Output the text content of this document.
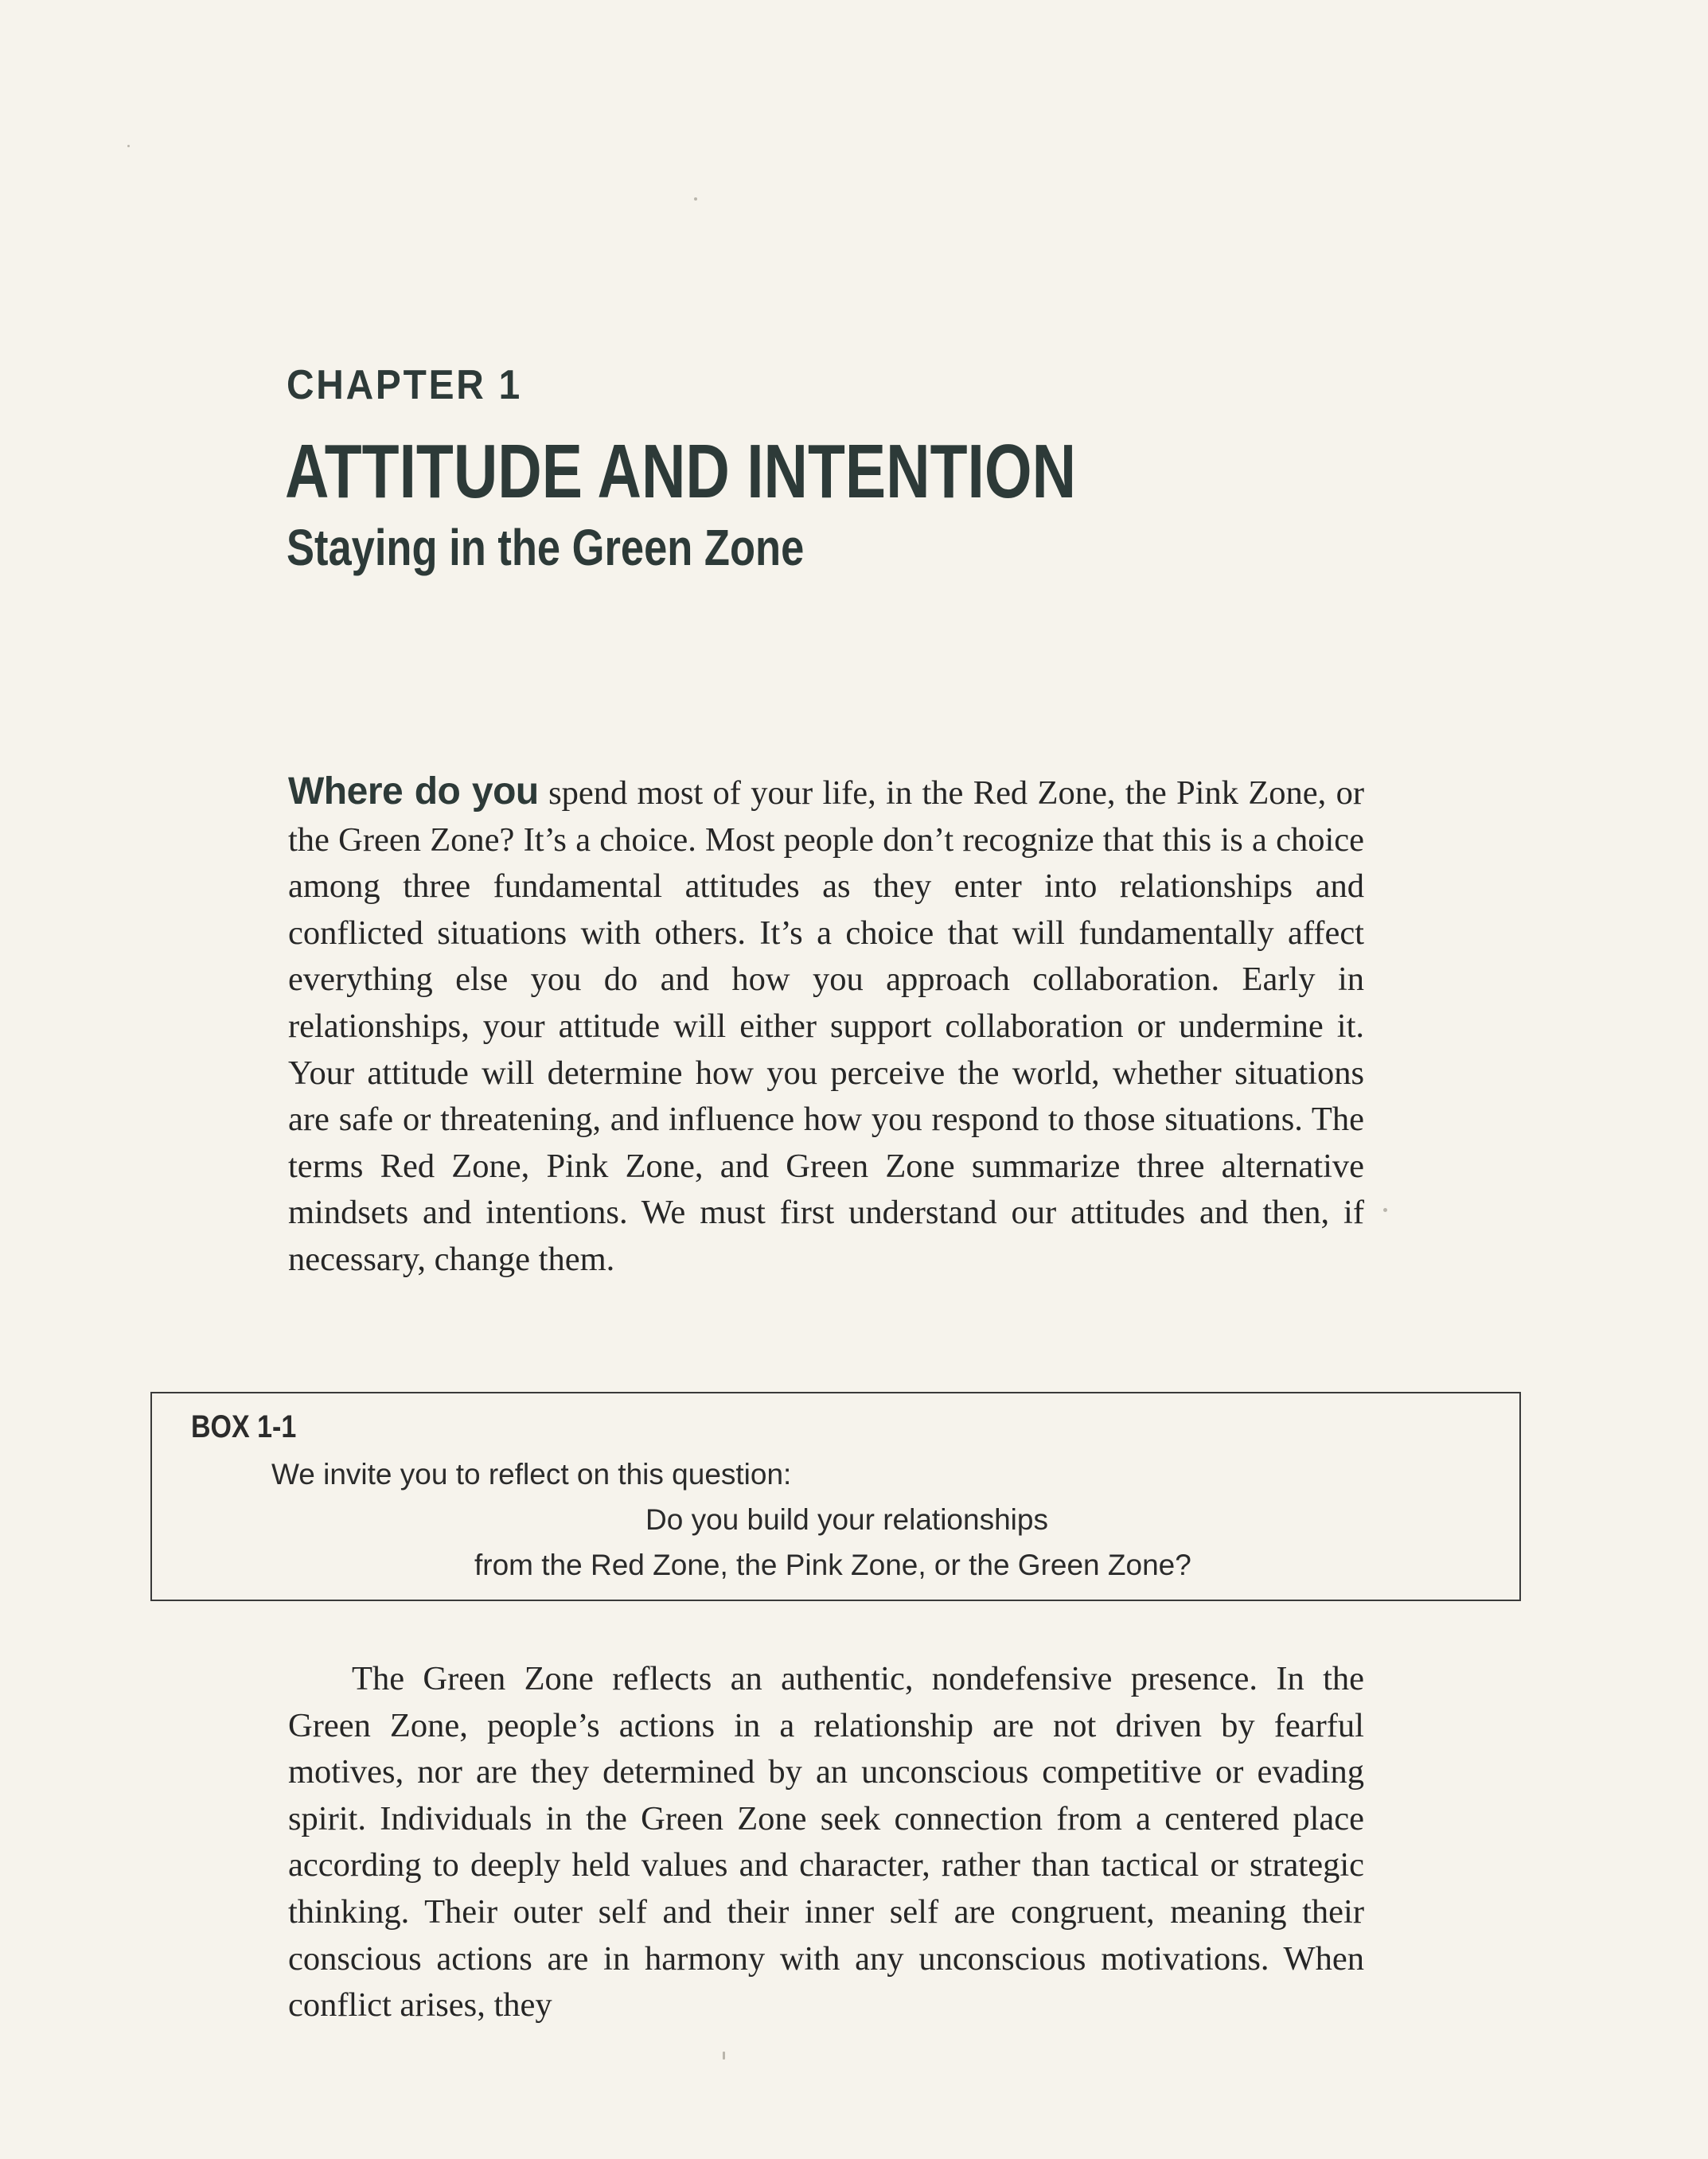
CHAPTER 1
ATTITUDE AND INTENTION
Staying in the Green Zone

Where do you spend most of your life, in the Red Zone, the Pink Zone, or the Green Zone? It’s a choice. Most people don’t recognize that this is a choice among three fundamental attitudes as they enter into relationships and conflicted situations with others. It’s a choice that will fundamentally affect everything else you do and how you approach collaboration. Early in relationships, your attitude will either support collaboration or undermine it. Your attitude will determine how you perceive the world, whether situations are safe or threatening, and influence how you respond to those situations. The terms Red Zone, Pink Zone, and Green Zone summarize three alternative mindsets and intentions. We must first understand our attitudes and then, if necessary, change them.

BOX 1-1
We invite you to reflect on this question:
Do you build your relationships
from the Red Zone, the Pink Zone, or the Green Zone?

The Green Zone reflects an authentic, nondefensive presence. In the Green Zone, people’s actions in a relationship are not driven by fearful motives, nor are they determined by an unconscious competitive or evading spirit. Individuals in the Green Zone seek connection from a centered place according to deeply held values and character, rather than tactical or strategic thinking. Their outer self and their inner self are congruent, meaning their conscious actions are in harmony with any unconscious motivations. When conflict arises, they
